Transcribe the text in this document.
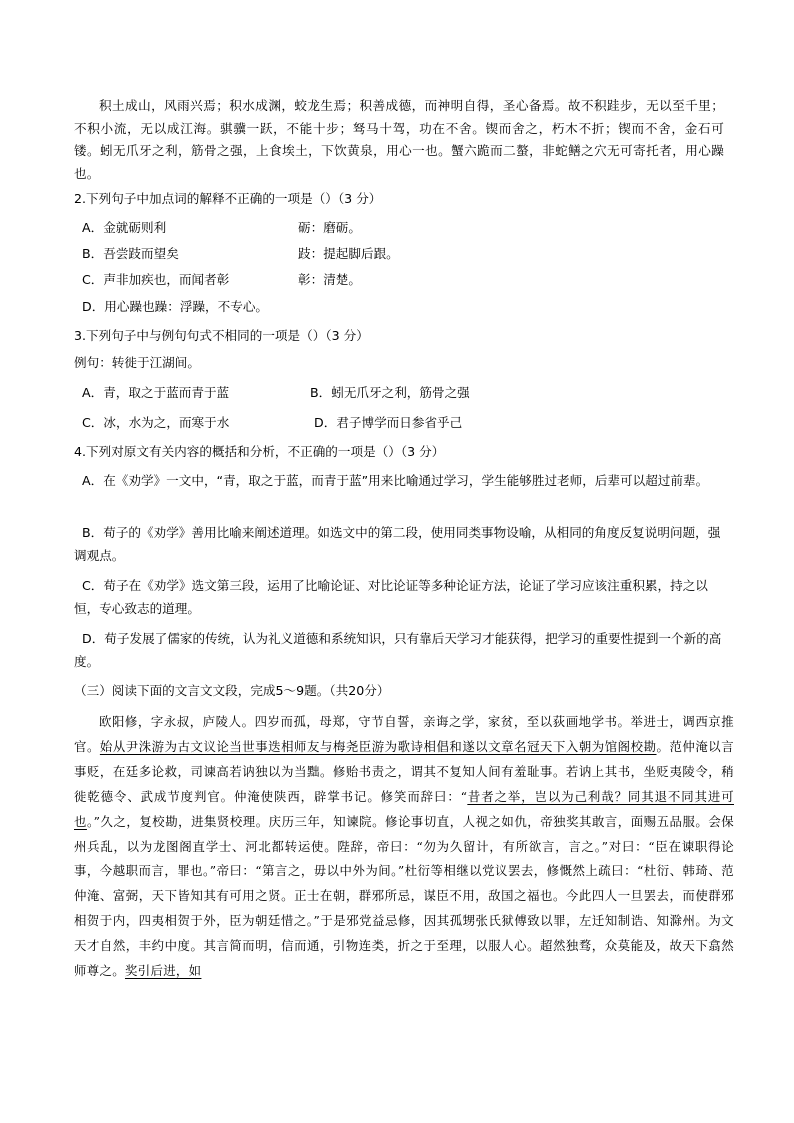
积土成山，风雨兴焉；积水成渊，蛟龙生焉；积善成德，而神明自得，圣心备焉。故不积跬步，无以至千里；不积小流，无以成江海。骐骥一跃，不能十步；驽马十驾，功在不舍。锲而舍之，朽木不折；锲而不舍，金石可镂。蚓无爪牙之利，筋骨之强，上食埃土，下饮黄泉，用心一也。蟹六跪而二螯，非蛇鳝之穴无可寄托者，用心躁也。

2.下列句子中加点词的解释不正确的一项是（）（3 分）

A．金就砺则利	砺：磨砺。

B．吾尝跂而望矣	跂：提起脚后跟。

C．声非加疾也，而闻者彰	彰：清楚。

D．用心躁也躁：浮躁，不专心。

3.下列句子中与例句句式不相同的一项是（）（3 分）

例句：转徙于江湖间。

A．青，取之于蓝而青于蓝	B．蚓无爪牙之利，筋骨之强

C．冰，水为之，而寒于水	D．君子博学而日参省乎己

4.下列对原文有关内容的概括和分析，不正确的一项是（）（3 分）

A．在《劝学》一文中，“青，取之于蓝，而青于蓝”用来比喻通过学习，学生能够胜过老师，后辈可以超过前辈。

B．荀子的《劝学》善用比喻来阐述道理。如选文中的第二段，使用同类事物设喻，从相同的角度反复说明问题，强调观点。

C．荀子在《劝学》选文第三段，运用了比喻论证、对比论证等多种论证方法，论证了学习应该注重积累，持之以恒，专心致志的道理。

D．荀子发展了儒家的传统，认为礼义道德和系统知识，只有靠后天学习才能获得，把学习的重要性提到一个新的高度。

（三）阅读下面的文言文文段，完成5～9题。（共20分）

欧阳修，字永叔，庐陵人。四岁而孤，母郑，守节自誓，亲诲之学，家贫，至以荻画地学书。举进士，调西京推官。始从尹洙游为古文议论当世事迭相师友与梅尧臣游为歌诗相倡和遂以文章名冠天下入朝为馆阁校勘。范仲淹以言事贬，在廷多论救，司谏高若讷独以为当黜。修贻书责之，谓其不复知人间有羞耻事。若讷上其书，坐贬夷陵令，稍徙乾德令、武成节度判官。仲淹使陕西，辟掌书记。修笑而辞曰：“昔者之举，岂以为己利哉？同其退不同其进可也。”久之，复校勘，进集贤校理。庆历三年，知谏院。修论事切直，人视之如仇，帝独奖其敢言，面赐五品服。会保州兵乱，以为龙图阁直学士、河北都转运使。陛辞，帝曰：“勿为久留计，有所欲言，言之。”对曰：“臣在谏职得论事，今越职而言，罪也。”帝曰：“第言之，毋以中外为间。”杜衍等相继以党议罢去，修慨然上疏曰：“杜衍、韩琦、范仲淹、富弼，天下皆知其有可用之贤。正士在朝，群邪所忌，谋臣不用，敌国之福也。今此四人一旦罢去，而使群邪相贺于内，四夷相贺于外，臣为朝廷惜之。”于是邪党益忌修，因其孤甥张氏狱傅致以罪，左迁知制诰、知滁州。为文天才自然，丰约中度。其言简而明，信而通，引物连类，折之于至理，以服人心。超然独骛，众莫能及，故天下翕然师尊之。奖引后进，如
